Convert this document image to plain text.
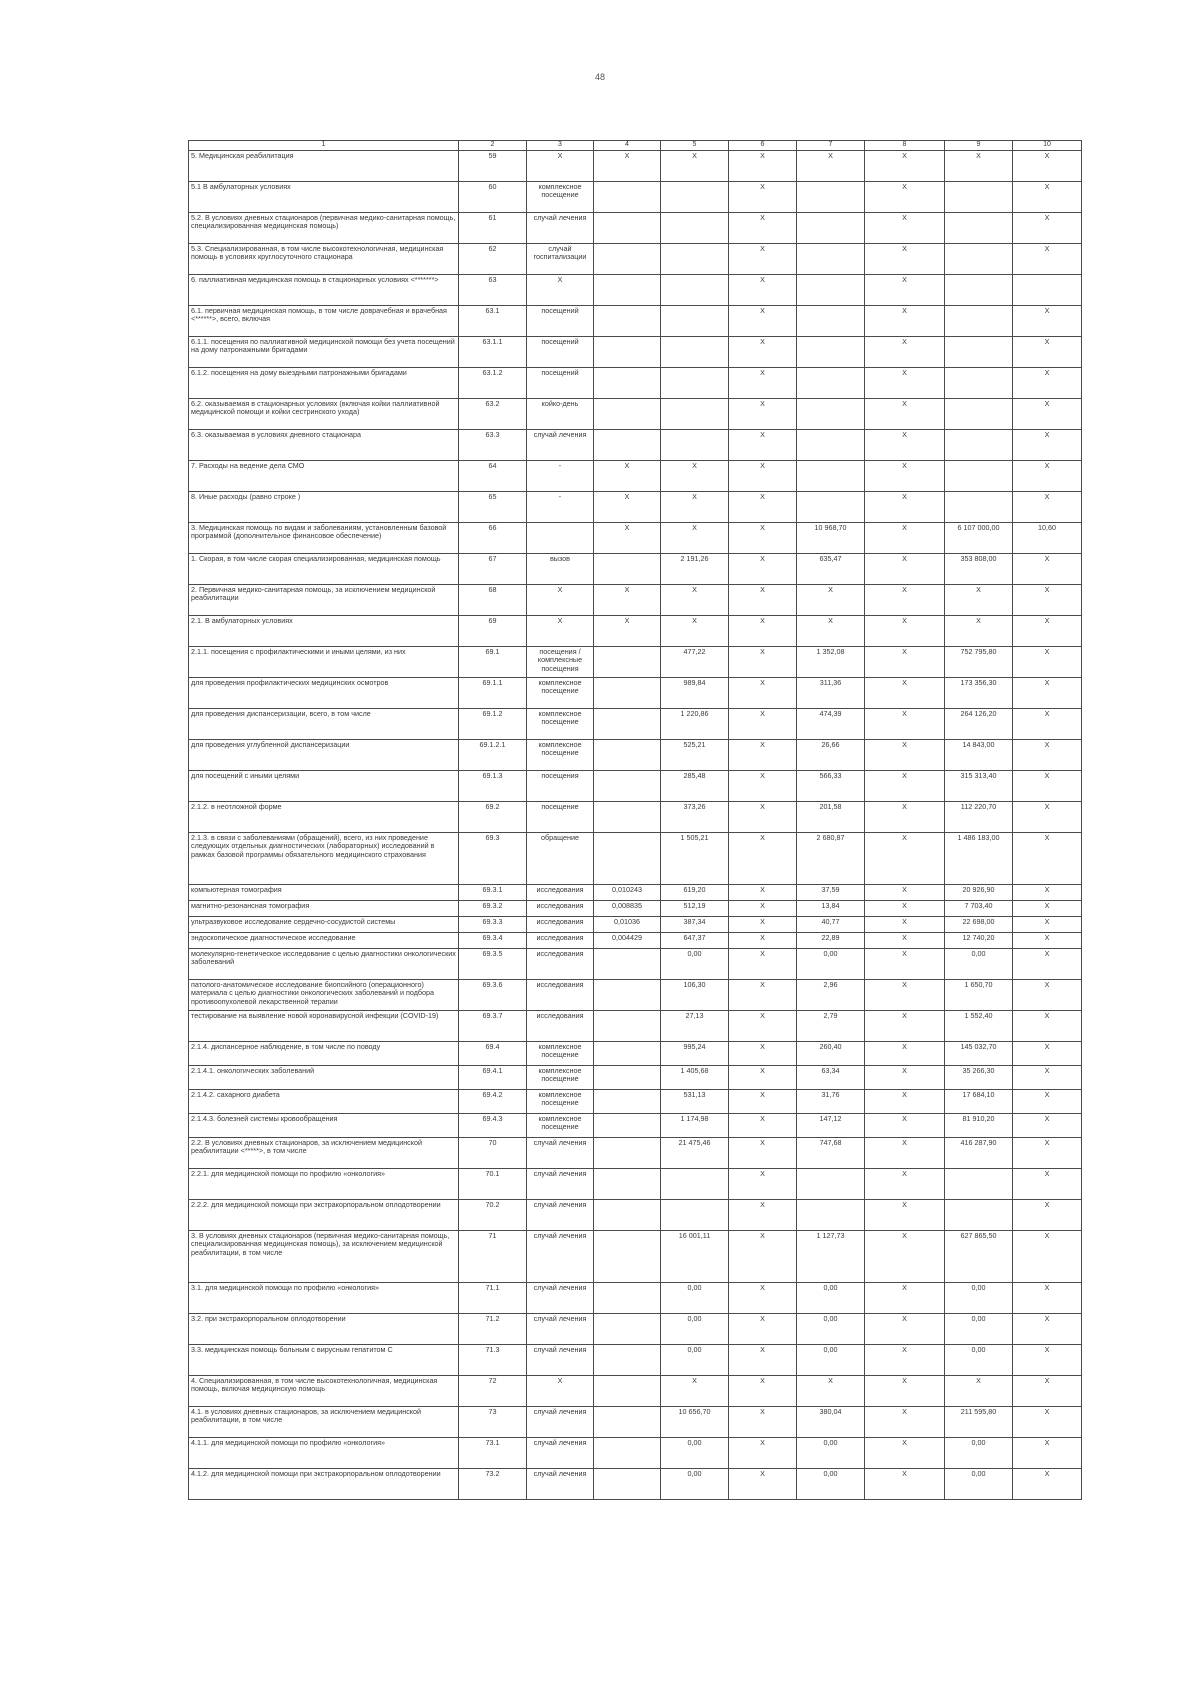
48
1	2	3	4	5	6	7	8	9	10
5. Медицинская реабилитация	59	X	X	X	X	X	X	X	X
5.1 В амбулаторных условиях	60	комплексное посещение			X		X		X
5.2. В условиях дневных стационаров (первичная медико-санитарная помощь, специализированная медицинская помощь)	61	случай лечения			X		X		X
5.3. Специализированная, в том числе высокотехнологичная, медицинская помощь в условиях круглосуточного стационара	62	случай госпитализации			X		X		X
6. паллиативная медицинская помощь в стационарных условиях <*******>	63	X			X		X		
6.1. первичная медицинская помощь, в том числе доврачебная и врачебная <******>, всего, включая	63.1	посещений			X		X		X
6.1.1. посещения по паллиативной медицинской помощи без учета посещений на дому патронажными бригадами	63.1.1	посещений			X		X		X
6.1.2. посещения на дому выездными патронажными бригадами	63.1.2	посещений			X		X		X
6.2. оказываемая в стационарных условиях (включая койки паллиативной медицинской помощи и койки сестринского ухода)	63.2	койко-день			X		X		X
6.3. оказываемая в условиях дневного стационара	63.3	случай лечения			X		X		X
7. Расходы на ведение дела СМО	64	-	X	X	X		X		X
8. Иные расходы (равно строке )	65	-	X	X	X		X		X
3. Медицинская помощь по видам и заболеваниям, установленным базовой программой (дополнительное финансовое обеспечение)	66		X	X	X	10 968,70	X	6 107 000,00	10,60
1. Скорая, в том числе скорая специализированная, медицинская помощь	67	вызов		2 191,26	X	635,47	X	353 808,00	X
2. Первичная медико-санитарная помощь, за исключением медицинской реабилитации	68	X	X	X	X	X	X	X	X
2.1. В амбулаторных условиях	69	X	X	X	X	X	X	X	X
2.1.1. посещения с профилактическими и иными целями, из них	69.1	посещения / комплексные посещения		477,22	X	1 352,08	X	752 795,80	X
для проведения профилактических медицинских осмотров	69.1.1	комплексное посещение		989,84	X	311,36	X	173 356,30	X
для проведения диспансеризации, всего, в том числе	69.1.2	комплексное посещение		1 220,86	X	474,39	X	264 126,20	X
для проведения углубленной диспансеризации	69.1.2.1	комплексное посещение		525,21	X	26,66	X	14 843,00	X
для посещений с иными целями	69.1.3	посещения		285,48	X	566,33	X	315 313,40	X
2.1.2. в неотложной форме	69.2	посещение		373,26	X	201,58	X	112 220,70	X
2.1.3. в связи с заболеваниями (обращений), всего, из них проведение следующих отдельных диагностических (лабораторных) исследований в рамках базовой программы обязательного медицинского страхования	69.3	обращение		1 505,21	X	2 680,87	X	1 486 183,00	X
компьютерная томография	69.3.1	исследования	0,010243	619,20	X	37,59	X	20 926,90	X
магнитно-резонансная томография	69.3.2	исследования	0,008835	512,19	X	13,84	X	7 703,40	X
ультразвуковое исследование сердечно-сосудистой системы	69.3.3	исследования	0,01036	387,34	X	40,77	X	22 698,00	X
эндоскопическое диагностическое исследование	69.3.4	исследования	0,004429	647,37	X	22,89	X	12 740,20	X
молекулярно-генетическое исследование с целью диагностики онкологических заболеваний	69.3.5	исследования		0,00	X	0,00	X	0,00	X
патолого-анатомическое исследование биопсийного (операционного) материала с целью диагностики онкологических заболеваний и подбора противоопухолевой лекарственной терапии	69.3.6	исследования		106,30	X	2,96	X	1 650,70	X
тестирование на выявление новой коронавирусной инфекции (COVID-19)	69.3.7	исследования		27,13	X	2,79	X	1 552,40	X
2.1.4. диспансерное наблюдение, в том числе по поводу	69.4	комплексное посещение		995,24	X	260,40	X	145 032,70	X
2.1.4.1. онкологических заболеваний	69.4.1	комплексное посещение		1 405,68	X	63,34	X	35 266,30	X
2.1.4.2. сахарного диабета	69.4.2	комплексное посещение		531,13	X	31,76	X	17 684,10	X
2.1.4.3. болезней системы кровообращения	69.4.3	комплексное посещение		1 174,98	X	147,12	X	81 910,20	X
2.2. В условиях дневных стационаров, за исключением медицинской реабилитации <*****>, в том числе	70	случай лечения		21 475,46	X	747,68	X	416 287,90	X
2.2.1. для медицинской помощи по профилю «онкология»	70.1	случай лечения			X		X		X
2.2.2. для медицинской помощи при экстракорпоральном оплодотворении	70.2	случай лечения			X		X		X
3. В условиях дневных стационаров (первичная медико-санитарная помощь, специализированная медицинская помощь), за исключением медицинской реабилитации, в том числе	71	случай лечения		16 001,11	X	1 127,73	X	627 865,50	X
3.1. для медицинской помощи по профилю «онкология»	71.1	случай лечения		0,00	X	0,00	X	0,00	X
3.2. при экстракорпоральном оплодотворении	71.2	случай лечения		0,00	X	0,00	X	0,00	X
3.3. медицинская помощь больным с вирусным гепатитом С	71.3	случай лечения		0,00	X	0,00	X	0,00	X
4. Специализированная, в том числе высокотехнологичная, медицинская помощь, включая медицинскую помощь	72	X		X	X	X	X	X	X
4.1. в условиях дневных стационаров, за исключением медицинской реабилитации, в том числе	73	случай лечения		10 656,70	X	380,04	X	211 595,80	X
4.1.1. для медицинской помощи по профилю «онкология»	73.1	случай лечения		0,00	X	0,00	X	0,00	X
4.1.2. для медицинской помощи при экстракорпоральном оплодотворении	73.2	случай лечения		0,00	X	0,00	X	0,00	X
